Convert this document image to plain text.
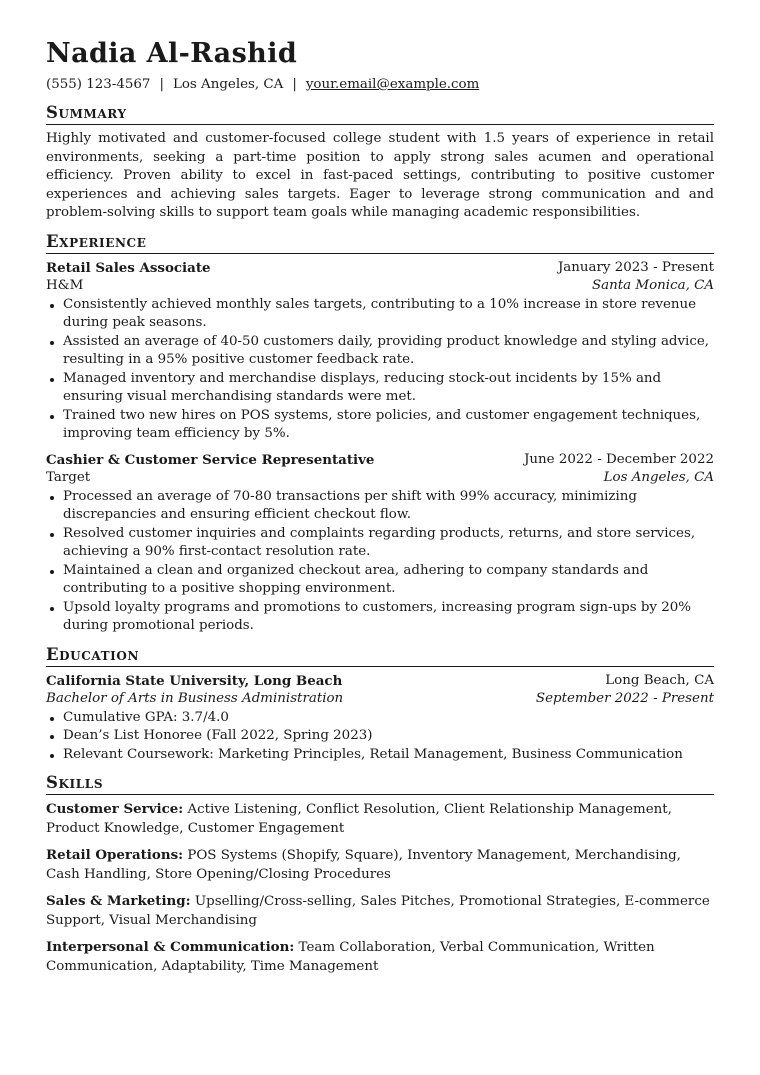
Nadia Al-Rashid
(555) 123-4567 | Los Angeles, CA | your.email@example.com
Summary
Highly motivated and customer-focused college student with 1.5 years of experience in retail environments, seeking a part-time position to apply strong sales acumen and operational efficiency. Proven ability to excel in fast-paced settings, contributing to positive customer experiences and achieving sales targets. Eager to leverage strong communication and and problem-solving skills to support team goals while managing academic responsibilities.
Experience
Retail Sales Associate	January 2023 - Present
H&M	Santa Monica, CA
Consistently achieved monthly sales targets, contributing to a 10% increase in store revenue during peak seasons.
Assisted an average of 40-50 customers daily, providing product knowledge and styling advice, resulting in a 95% positive customer feedback rate.
Managed inventory and merchandise displays, reducing stock-out incidents by 15% and ensuring visual merchandising standards were met.
Trained two new hires on POS systems, store policies, and customer engagement techniques, improving team efficiency by 5%.
Cashier & Customer Service Representative	June 2022 - December 2022
Target	Los Angeles, CA
Processed an average of 70-80 transactions per shift with 99% accuracy, minimizing discrepancies and ensuring efficient checkout flow.
Resolved customer inquiries and complaints regarding products, returns, and store services, achieving a 90% first-contact resolution rate.
Maintained a clean and organized checkout area, adhering to company standards and contributing to a positive shopping environment.
Upsold loyalty programs and promotions to customers, increasing program sign-ups by 20% during promotional periods.
Education
California State University, Long Beach	Long Beach, CA
Bachelor of Arts in Business Administration	September 2022 - Present
Cumulative GPA: 3.7/4.0
Dean’s List Honoree (Fall 2022, Spring 2023)
Relevant Coursework: Marketing Principles, Retail Management, Business Communication
Skills
Customer Service: Active Listening, Conflict Resolution, Client Relationship Management, Product Knowledge, Customer Engagement
Retail Operations: POS Systems (Shopify, Square), Inventory Management, Merchandising, Cash Handling, Store Opening/Closing Procedures
Sales & Marketing: Upselling/Cross-selling, Sales Pitches, Promotional Strategies, E-commerce Support, Visual Merchandising
Interpersonal & Communication: Team Collaboration, Verbal Communication, Written Communication, Adaptability, Time Management
